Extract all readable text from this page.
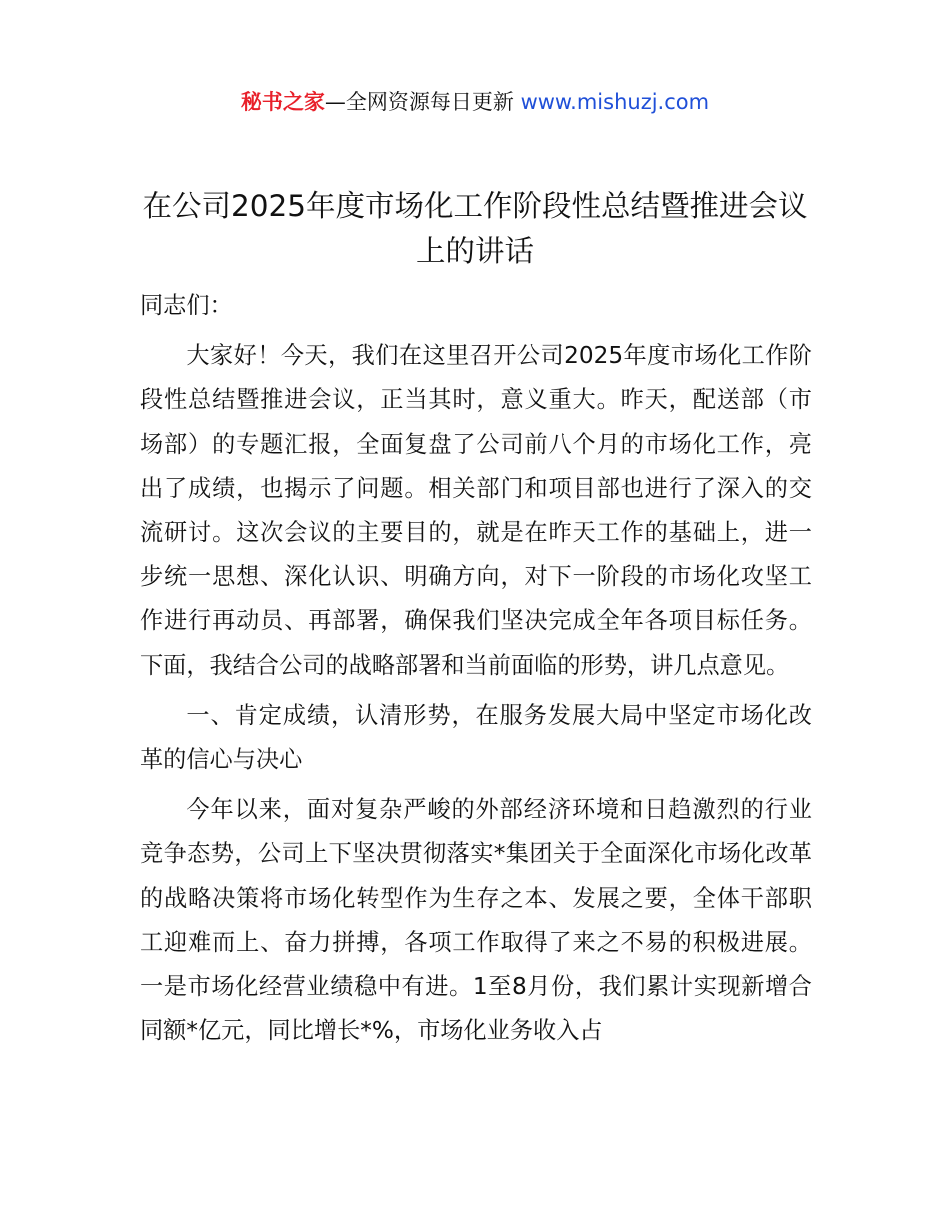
秘书之家—全网资源每日更新 www.mishuzj.com
在公司2025年度市场化工作阶段性总结暨推进会议上的讲话

同志们：

大家好！今天，我们在这里召开公司2025年度市场化工作阶段性总结暨推进会议，正当其时，意义重大。昨天，配送部（市场部）的专题汇报，全面复盘了公司前八个月的市场化工作，亮出了成绩，也揭示了问题。相关部门和项目部也进行了深入的交流研讨。这次会议的主要目的，就是在昨天工作的基础上，进一步统一思想、深化认识、明确方向，对下一阶段的市场化攻坚工作进行再动员、再部署，确保我们坚决完成全年各项目标任务。下面，我结合公司的战略部署和当前面临的形势，讲几点意见。

一、肯定成绩，认清形势，在服务发展大局中坚定市场化改革的信心与决心

今年以来，面对复杂严峻的外部经济环境和日趋激烈的行业竞争态势，公司上下坚决贯彻落实*集团关于全面深化市场化改革的战略决策将市场化转型作为生存之本、发展之要，全体干部职工迎难而上、奋力拼搏，各项工作取得了来之不易的积极进展。一是市场化经营业绩稳中有进。1至8月份，我们累计实现新增合同额*亿元，同比增长*%，市场化业务收入占
